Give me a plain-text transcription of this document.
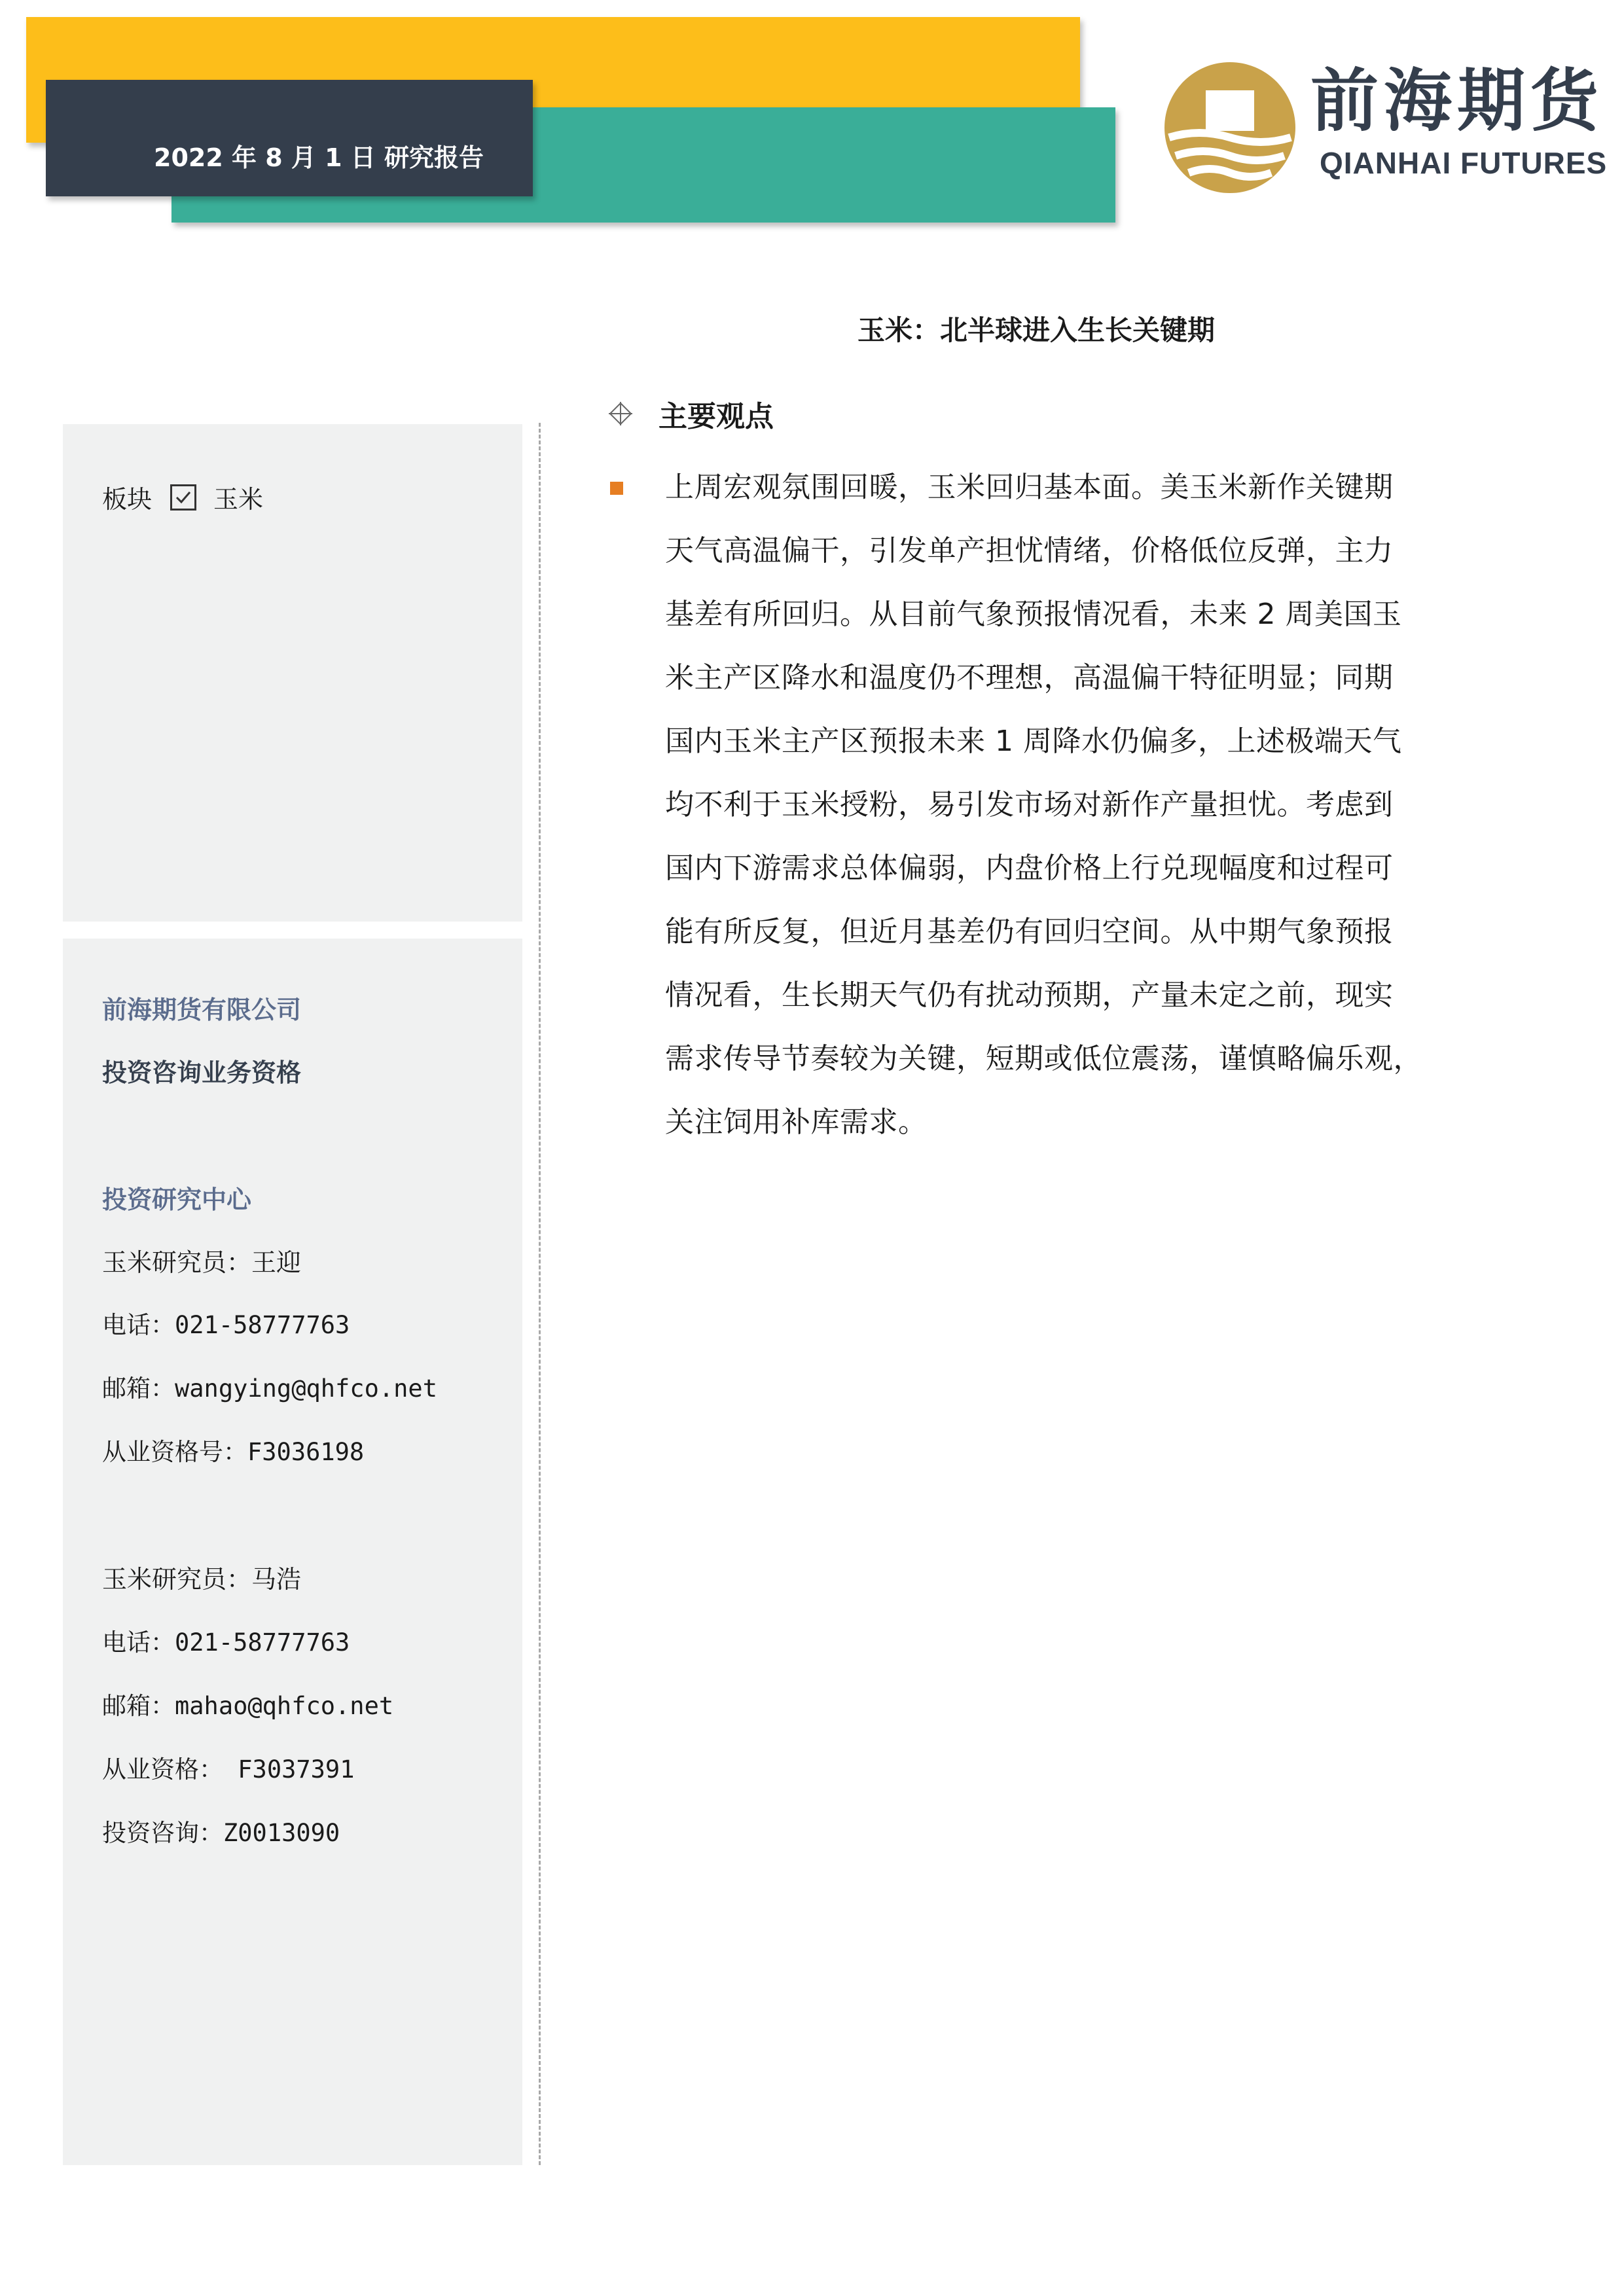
2022 年 8 月 1 日 研究报告
前海期货
QIANHAI FUTURES
玉米：北半球进入生长关键期
板块 玉米
前海期货有限公司
投资咨询业务资格
投资研究中心
玉米研究员：王迎
电话：021-58777763
邮箱：wangying@qhfco.net
从业资格号：F3036198
玉米研究员：马浩
电话：021-58777763
邮箱：mahao@qhfco.net
从业资格： F3037391
投资咨询：Z0013090
主要观点
上周宏观氛围回暖，玉米回归基本面。美玉米新作关键期
天气高温偏干，引发单产担忧情绪，价格低位反弹，主力
基差有所回归。从目前气象预报情况看，未来 2 周美国玉
米主产区降水和温度仍不理想，高温偏干特征明显；同期
国内玉米主产区预报未来 1 周降水仍偏多，上述极端天气
均不利于玉米授粉，易引发市场对新作产量担忧。考虑到
国内下游需求总体偏弱，内盘价格上行兑现幅度和过程可
能有所反复，但近月基差仍有回归空间。从中期气象预报
情况看，生长期天气仍有扰动预期，产量未定之前，现实
需求传导节奏较为关键，短期或低位震荡，谨慎略偏乐观，
关注饲用补库需求。
